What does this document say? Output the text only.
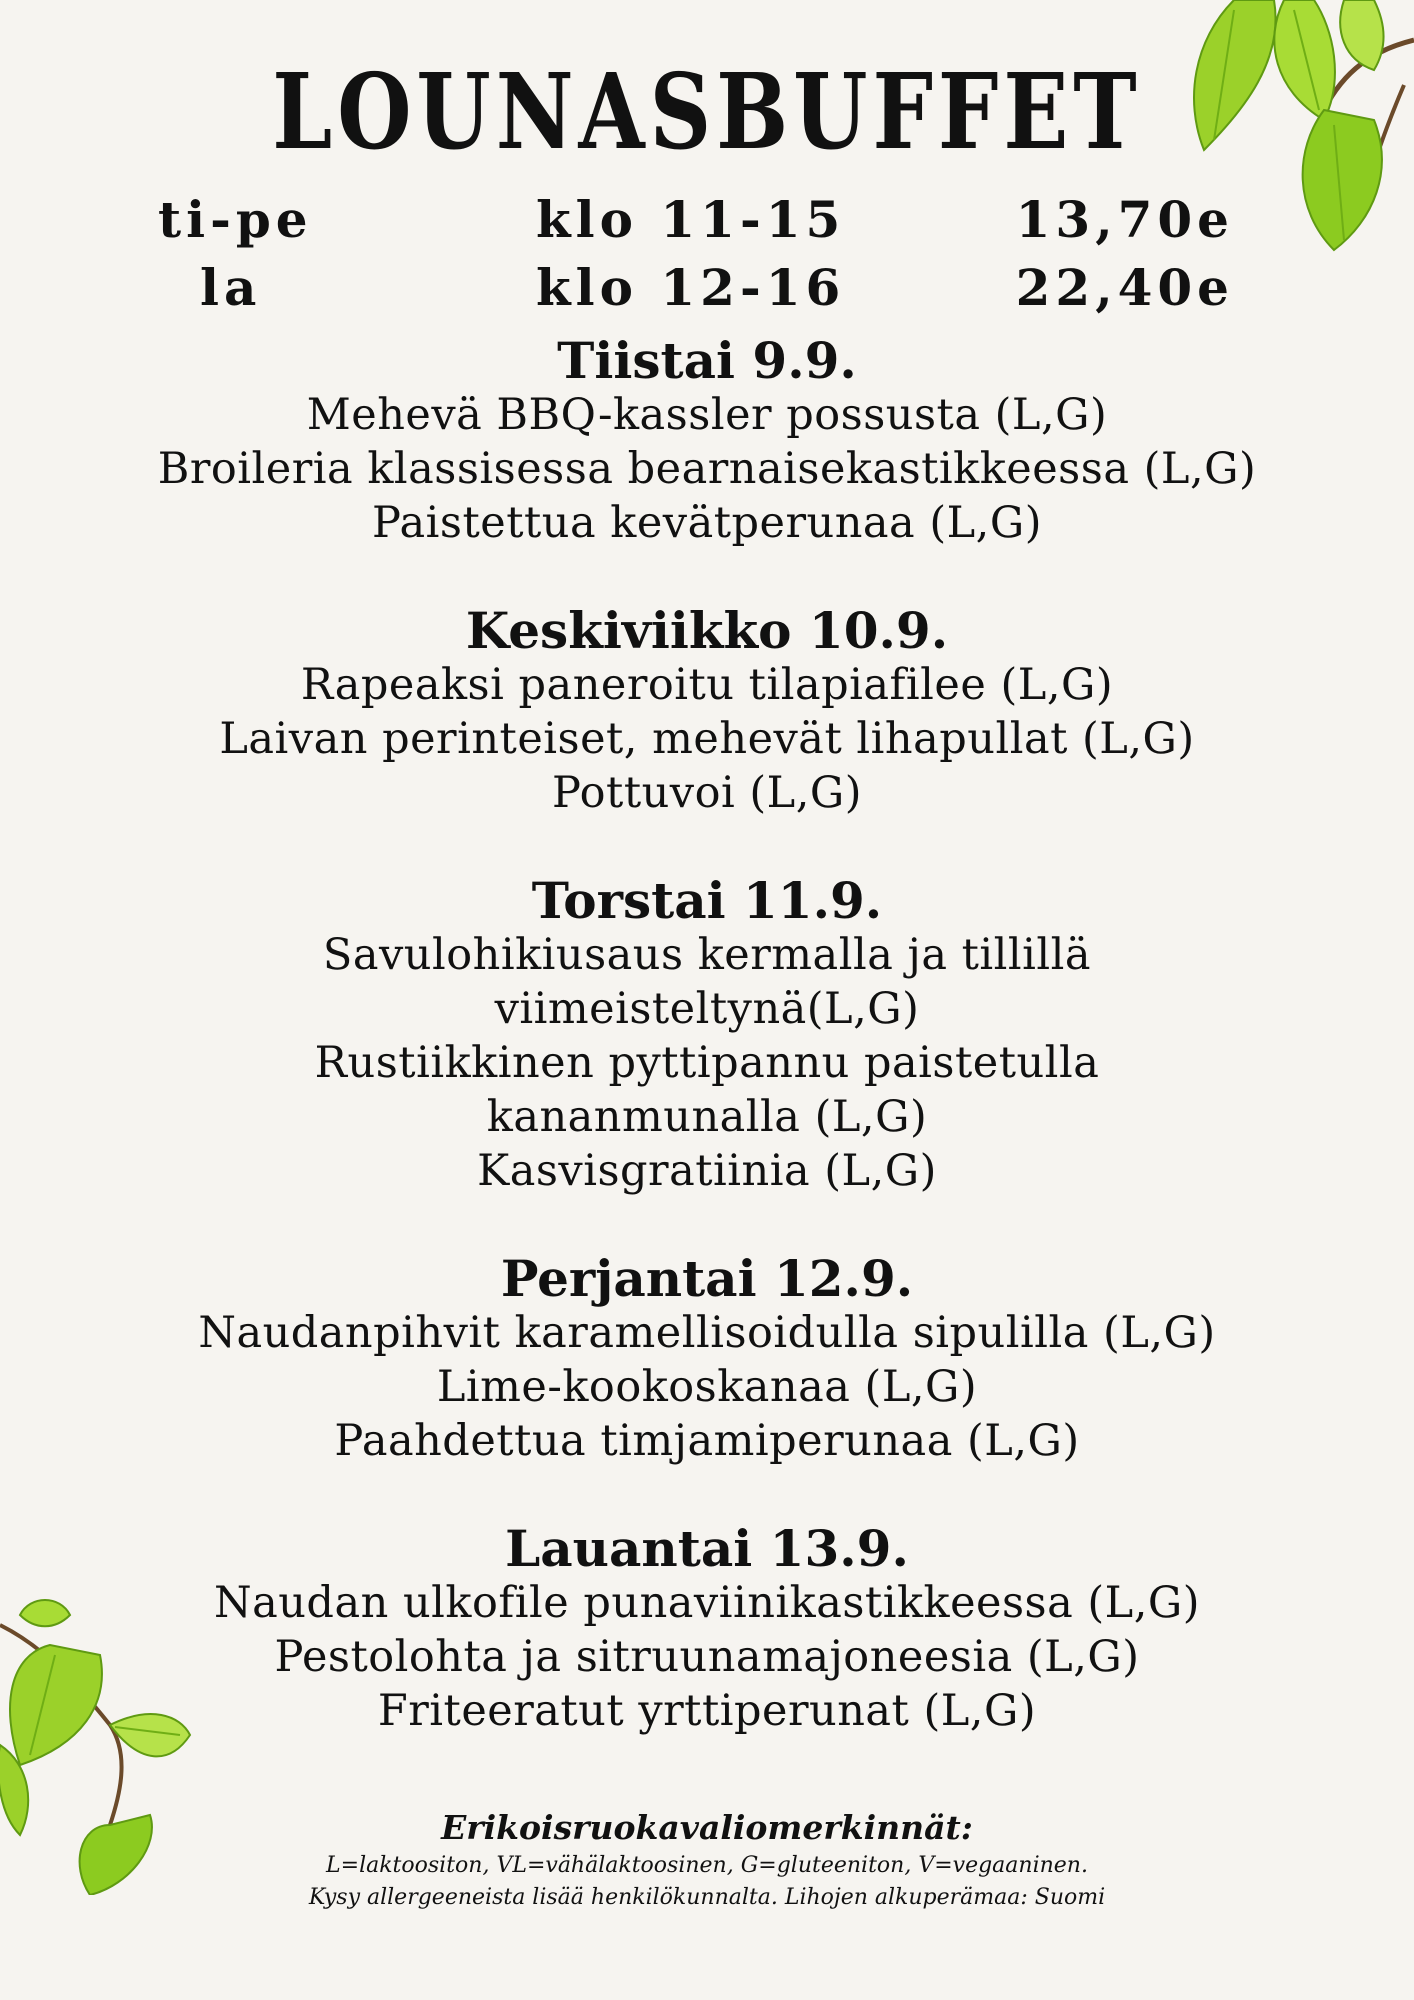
LOUNASBUFFET
ti-pe	klo 11-15	13,70e
la	klo 12-16	22,40e
Tiistai 9.9.
Mehevä BBQ-kassler possusta (L,G)
Broileria klassisessa bearnaisekastikkeessa (L,G)
Paistettua kevätperunaa (L,G)
Keskiviikko 10.9.
Rapeaksi paneroitu tilapiafilee (L,G)
Laivan perinteiset, mehevät lihapullat (L,G)
Pottuvoi (L,G)
Torstai 11.9.
Savulohikiusaus kermalla ja tillillä
viimeisteltynä(L,G)
Rustiikkinen pyttipannu paistetulla
kananmunalla (L,G)
Kasvisgratiinia (L,G)
Perjantai 12.9.
Naudanpihvit karamellisoidulla sipulilla (L,G)
Lime-kookoskanaa (L,G)
Paahdettua timjamiperunaa (L,G)
Lauantai 13.9.
Naudan ulkofile punaviinikastikkeessa (L,G)
Pestolohta ja sitruunamajoneesia (L,G)
Friteeratut yrttiperunat (L,G)
Erikoisruokavaliomerkinnät:
L=laktoositon, VL=vähälaktoosinen, G=gluteeniton, V=vegaaninen.
Kysy allergeeneista lisää henkilökunnalta. Lihojen alkuperämaa: Suomi
